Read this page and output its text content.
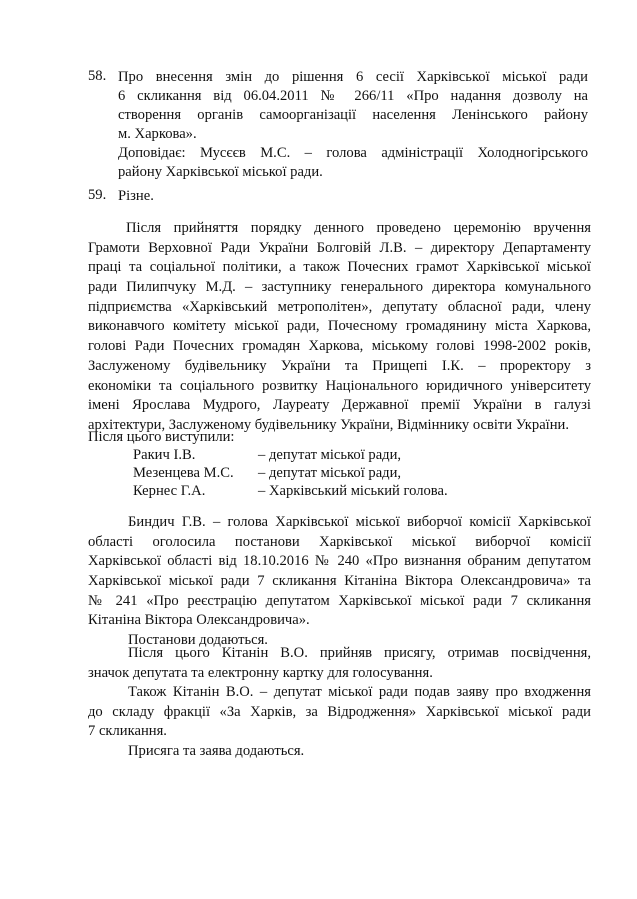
58. Про внесення змін до рішення 6 сесії Харківської міської ради
6 скликання від 06.04.2011 № 266/11 «Про надання дозволу на
створення органів самоорганізації населення Ленінського району
м. Харкова».
Доповідає: Мусєєв М.С. – голова адміністрації Холодногірського
району Харківської міської ради.
59. Різне.
Після прийняття порядку денного проведено церемонію вручення
Грамоти Верховної Ради України Болговій Л.В. – директору Департаменту
праці та соціальної політики, а також Почесних грамот Харківської міської
ради Пилипчуку М.Д. – заступнику генерального директора комунального
підприємства «Харківський метрополітен», депутату обласної ради, члену
виконавчого комітету міської ради, Почесному громадянину міста Харкова,
голові Ради Почесних громадян Харкова, міському голові 1998-2002 років,
Заслуженому будівельнику України та Прищепі І.К. – проректору з
економіки та соціального розвитку Національного юридичного університету
імені Ярослава Мудрого, Лауреату Державної премії України в галузі
архітектури, Заслуженому будівельнику України, Відміннику освіти України.
Після цього виступили:
Ракич І.В.	– депутат міської ради,
Мезенцева М.С. – депутат міської ради,
Кернес Г.А.	– Харківський міський голова.
Биндич Г.В. – голова Харківської міської виборчої комісії Харківської
області оголосила постанови Харківської міської виборчої комісії
Харківської області від 18.10.2016 № 240 «Про визнання обраним депутатом
Харківської міської ради 7 скликання Кітаніна Віктора Олександровича» та
№ 241 «Про реєстрацію депутатом Харківської міської ради 7 скликання
Кітаніна Віктора Олександровича».
Постанови додаються.
Після цього Кітанін В.О. прийняв присягу, отримав посвідчення,
значок депутата та електронну картку для голосування.
Також Кітанін В.О. – депутат міської ради подав заяву про входження
до складу фракції «За Харків, за Відродження» Харківської міської ради
7 скликання.
Присяга та заява додаються.
